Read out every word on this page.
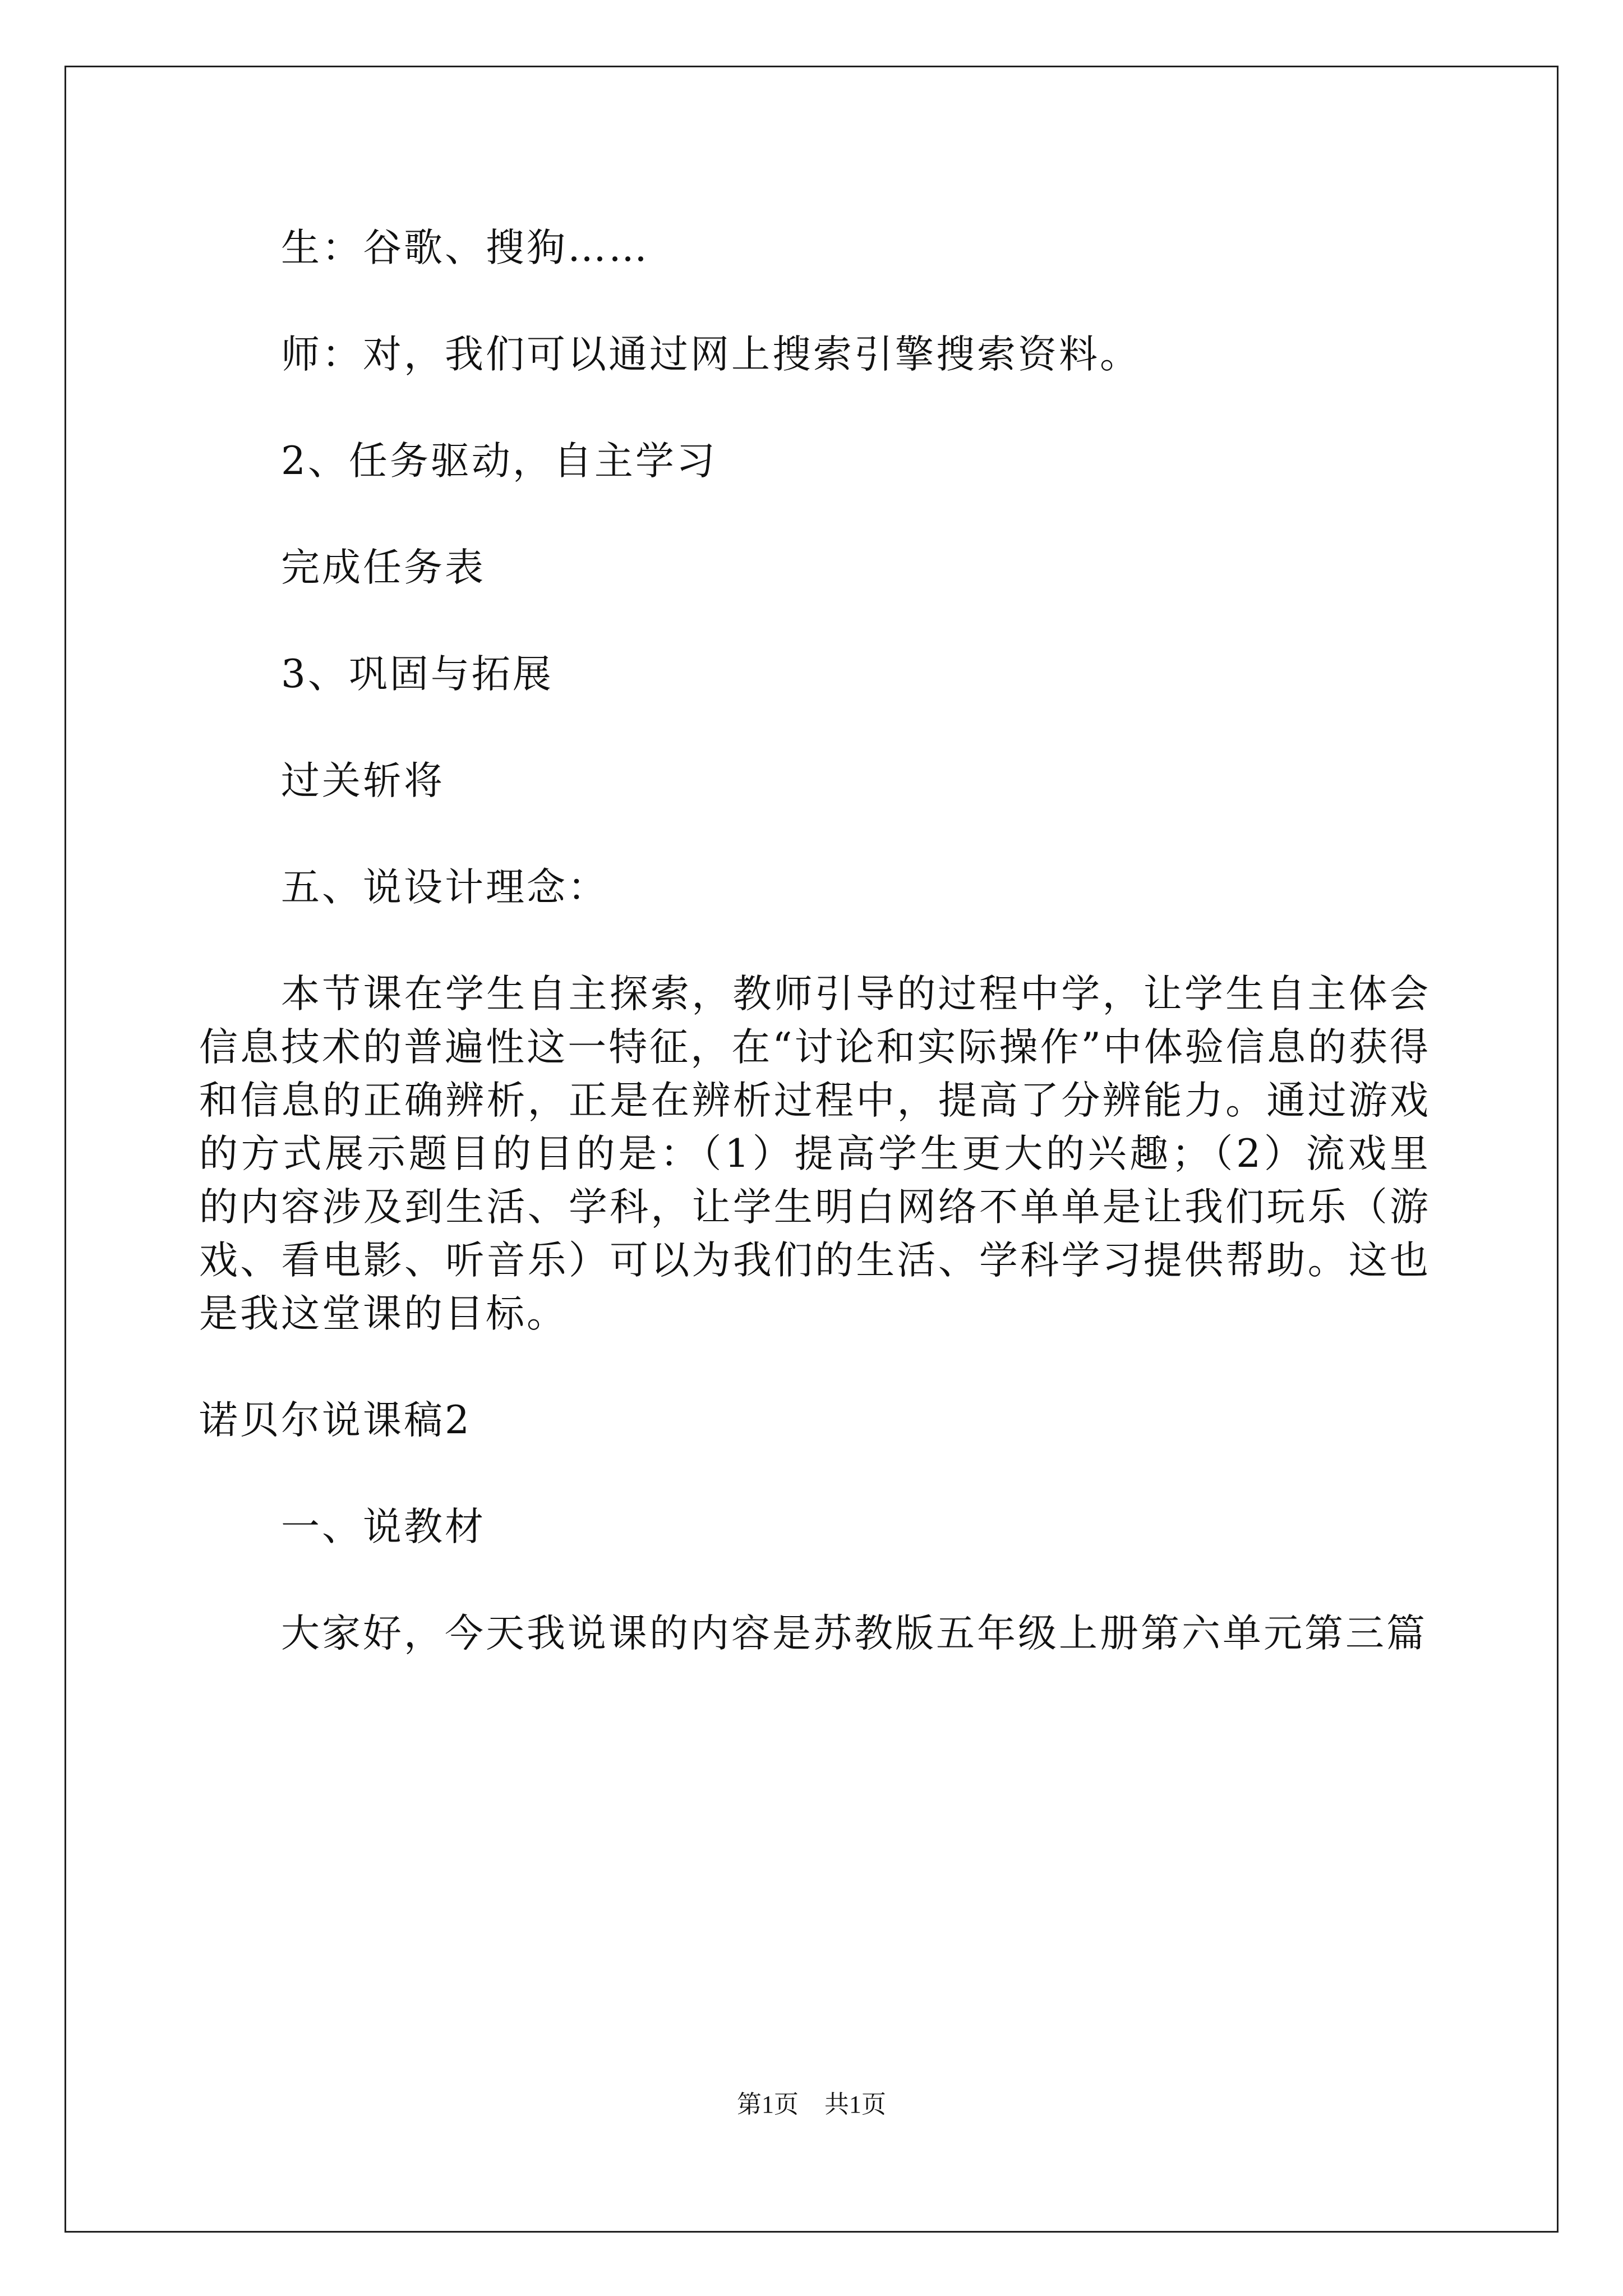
生：谷歌、搜狗……

师：对，我们可以通过网上搜索引擎搜索资料。

2、任务驱动，自主学习

完成任务表

3、巩固与拓展

过关斩将

五、说设计理念：

本节课在学生自主探索，教师引导的过程中学，让学生自主体会信息技术的普遍性这一特征，在“讨论和实际操作”中体验信息的获得和信息的正确辨析，正是在辨析过程中，提高了分辨能力。通过游戏的方式展示题目的目的是：（1）提高学生更大的兴趣；（2）流戏里的内容涉及到生活、学科，让学生明白网络不单单是让我们玩乐（游戏、看电影、听音乐）可以为我们的生活、学科学习提供帮助。这也是我这堂课的目标。

诺贝尔说课稿2

一、说教材

大家好，今天我说课的内容是苏教版五年级上册第六单元第三篇

第1页 共1页
